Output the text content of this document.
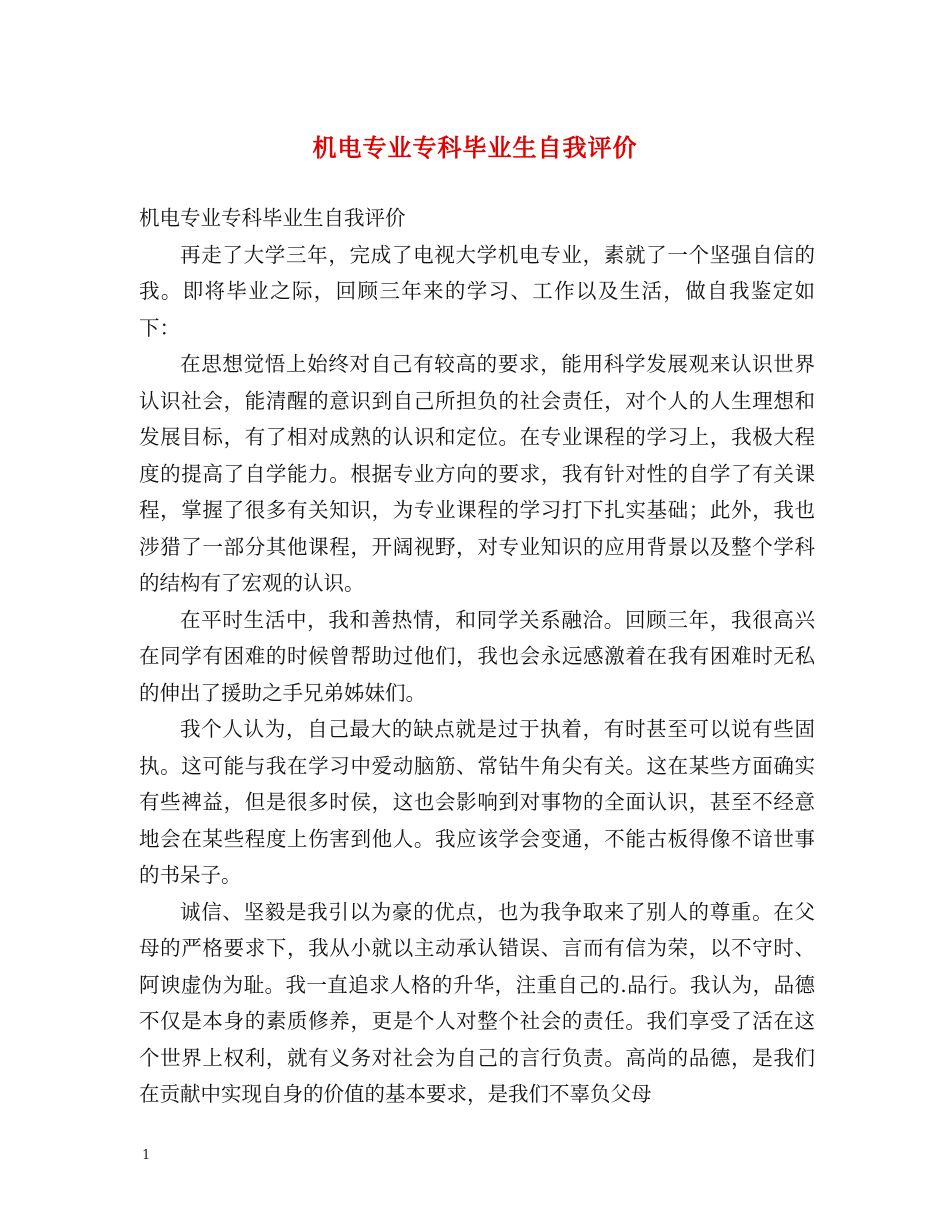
机电专业专科毕业生自我评价

机电专业专科毕业生自我评价

再走了大学三年，完成了电视大学机电专业，素就了一个坚强自信的我。即将毕业之际，回顾三年来的学习、工作以及生活，做自我鉴定如下：

在思想觉悟上始终对自己有较高的要求，能用科学发展观来认识世界认识社会，能清醒的意识到自己所担负的社会责任，对个人的人生理想和发展目标，有了相对成熟的认识和定位。在专业课程的学习上，我极大程度的提高了自学能力。根据专业方向的要求，我有针对性的自学了有关课程，掌握了很多有关知识，为专业课程的学习打下扎实基础；此外，我也涉猎了一部分其他课程，开阔视野，对专业知识的应用背景以及整个学科的结构有了宏观的认识。

在平时生活中，我和善热情，和同学关系融洽。回顾三年，我很高兴在同学有困难的时候曾帮助过他们，我也会永远感激着在我有困难时无私的伸出了援助之手兄弟姊妹们。

我个人认为，自己最大的缺点就是过于执着，有时甚至可以说有些固执。这可能与我在学习中爱动脑筋、常钻牛角尖有关。这在某些方面确实有些裨益，但是很多时侯，这也会影响到对事物的全面认识，甚至不经意地会在某些程度上伤害到他人。我应该学会变通，不能古板得像不谙世事的书呆子。

诚信、坚毅是我引以为豪的优点，也为我争取来了别人的尊重。在父母的严格要求下，我从小就以主动承认错误、言而有信为荣，以不守时、阿谀虚伪为耻。我一直追求人格的升华，注重自己的.品行。我认为，品德不仅是本身的素质修养，更是个人对整个社会的责任。我们享受了活在这个世界上权利，就有义务对社会为自己的言行负责。高尚的品德，是我们在贡献中实现自身的价值的基本要求，是我们不辜负父母

1
